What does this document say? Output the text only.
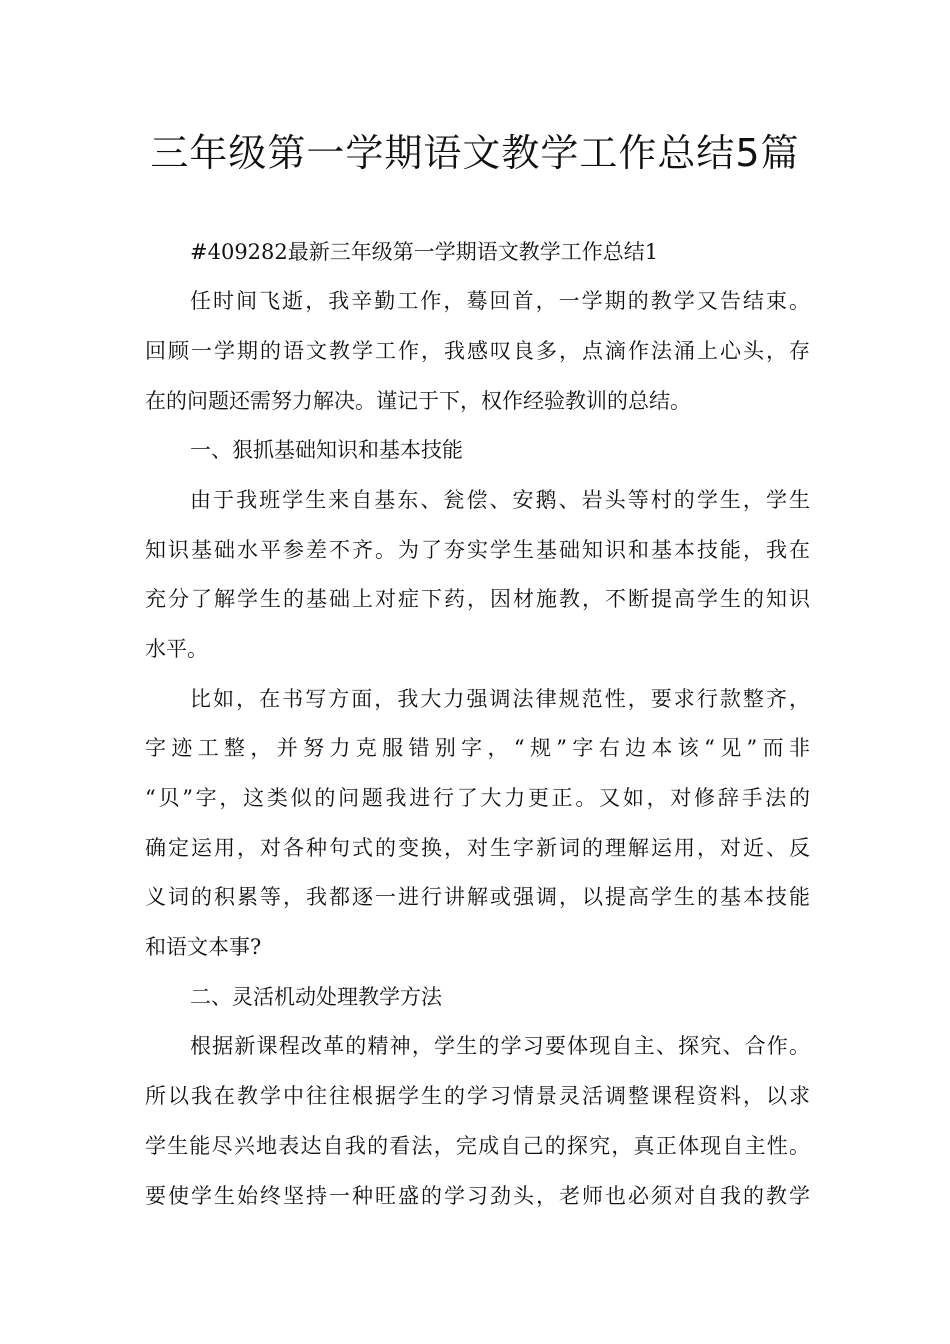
三年级第一学期语文教学工作总结5篇
#409282最新三年级第一学期语文教学工作总结1
任时间飞逝，我辛勤工作，蓦回首，一学期的教学又告结束。
回顾一学期的语文教学工作，我感叹良多，点滴作法涌上心头，存
在的问题还需努力解决。谨记于下，权作经验教训的总结。
一、狠抓基础知识和基本技能
由于我班学生来自基东、瓮偿、安鹅、岩头等村的学生，学生
知识基础水平参差不齐。为了夯实学生基础知识和基本技能，我在
充分了解学生的基础上对症下药，因材施教，不断提高学生的知识
水平。
比如，在书写方面，我大力强调法律规范性，要求行款整齐，
字迹工整，并努力克服错别字，“规”字右边本该“见”而非
“贝”字，这类似的问题我进行了大力更正。又如，对修辞手法的
确定运用，对各种句式的变换，对生字新词的理解运用，对近、反
义词的积累等，我都逐一进行讲解或强调，以提高学生的基本技能
和语文本事?
二、灵活机动处理教学方法
根据新课程改革的精神，学生的学习要体现自主、探究、合作。
所以我在教学中往往根据学生的学习情景灵活调整课程资料，以求
学生能尽兴地表达自我的看法，完成自己的探究，真正体现自主性。
要使学生始终坚持一种旺盛的学习劲头，老师也必须对自我的教学
